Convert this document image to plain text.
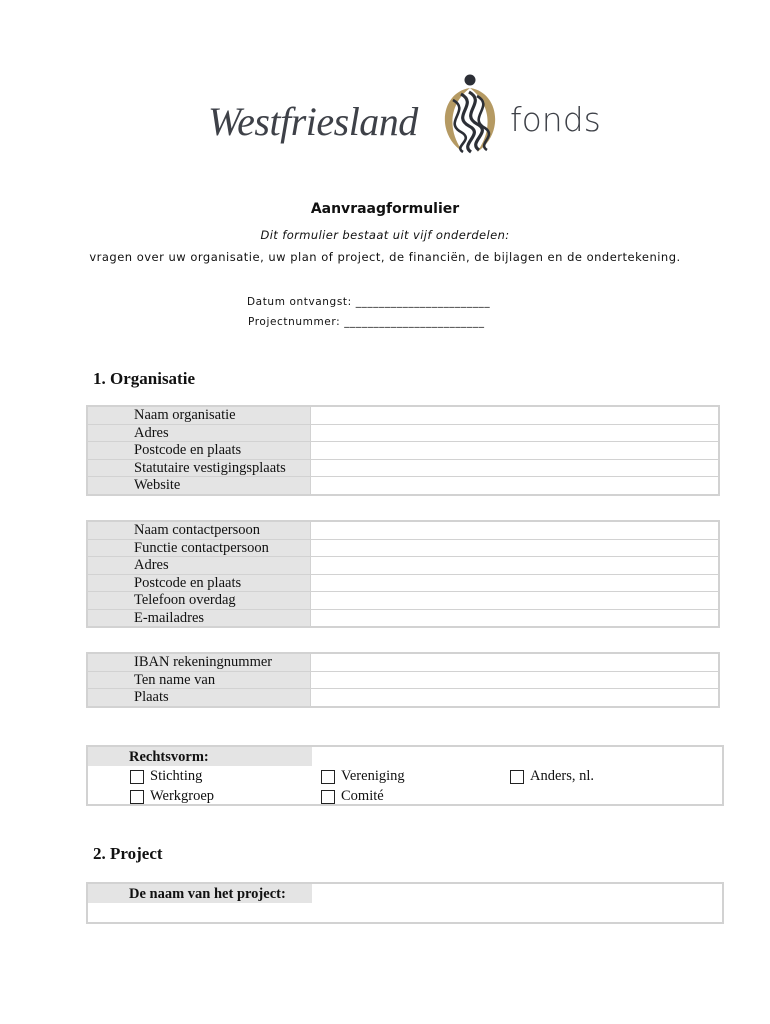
Westfriesland	fonds
Aanvraagformulier
Dit formulier bestaat uit vijf onderdelen:
vragen over uw organisatie, uw plan of project, de financiën, de bijlagen en de ondertekening.
Datum ontvangst: _______________________
Projectnummer: ________________________
1. Organisatie
Naam organisatie	
Adres	
Postcode en plaats	
Statutaire vestigingsplaats	
Website	
Naam contactpersoon	
Functie contactpersoon	
Adres	
Postcode en plaats	
Telefoon overdag	
E-mailadres	
IBAN rekeningnummer	
Ten name van	
Plaats	
Rechtsvorm:
Stichting	Vereniging	Anders, nl.
Werkgroep	Comité
2. Project
De naam van het project:
